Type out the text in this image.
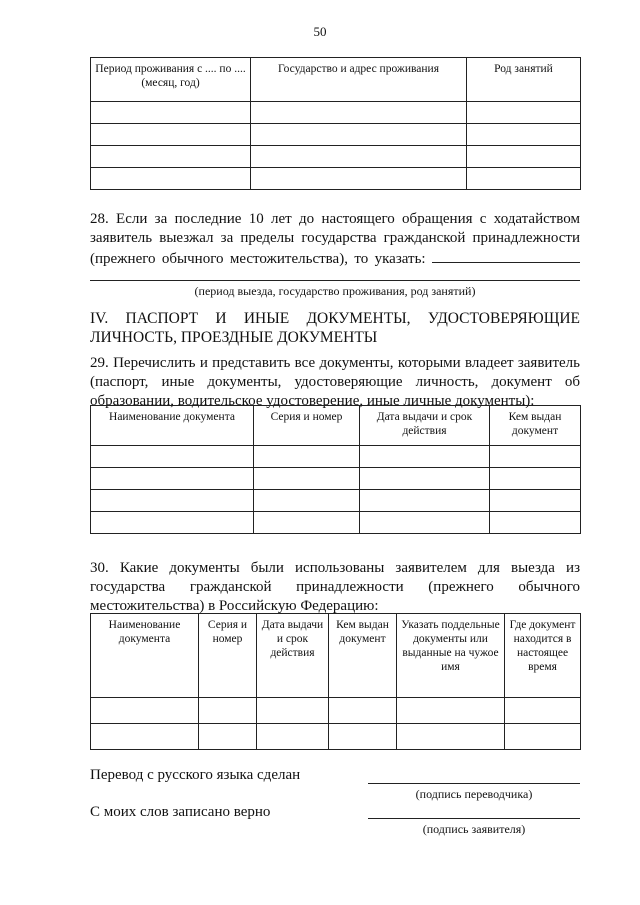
50
Период проживания с .... по .... (месяц, год)	Государство и адрес проживания	Род занятий

28. Если за последние 10 лет до настоящего обращения с ходатайством заявитель выезжал за пределы государства гражданской принадлежности (прежнего обычного местожительства), то указать:
(период выезда, государство проживания, род занятий)
IV. ПАСПОРТ И ИНЫЕ ДОКУМЕНТЫ, УДОСТОВЕРЯЮЩИЕ
ЛИЧНОСТЬ, ПРОЕЗДНЫЕ ДОКУМЕНТЫ
29. Перечислить и представить все документы, которыми владеет заявитель (паспорт, иные документы, удостоверяющие личность, документ об образовании, водительское удостоверение, иные личные документы):
Наименование документа	Серия и номер	Дата выдачи и срок действия	Кем выдан документ

30. Какие документы были использованы заявителем для выезда из государства гражданской принадлежности (прежнего обычного местожительства) в Российскую Федерацию:
Наименование документа	Серия и номер	Дата выдачи и срок действия	Кем выдан документ	Указать поддельные документы или выданные на чужое имя	Где документ находится в настоящее время

Перевод с русского языка сделан
(подпись переводчика)
С моих слов записано верно
(подпись заявителя)
